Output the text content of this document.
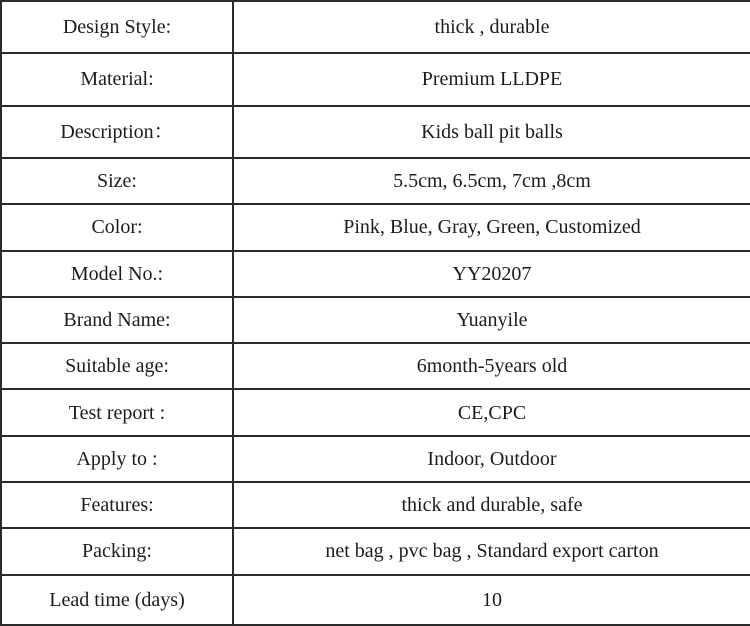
Design Style:	thick , durable
Material:	Premium LLDPE
Description：	Kids ball pit balls
Size:	5.5cm, 6.5cm, 7cm ,8cm
Color:	Pink, Blue, Gray, Green, Customized
Model No.:	YY20207
Brand Name:	Yuanyile
Suitable age:	6month-5years old
Test report :	CE,CPC
Apply to :	Indoor, Outdoor
Features:	thick and durable, safe
Packing:	net bag , pvc bag , Standard export carton
Lead time (days)	10
